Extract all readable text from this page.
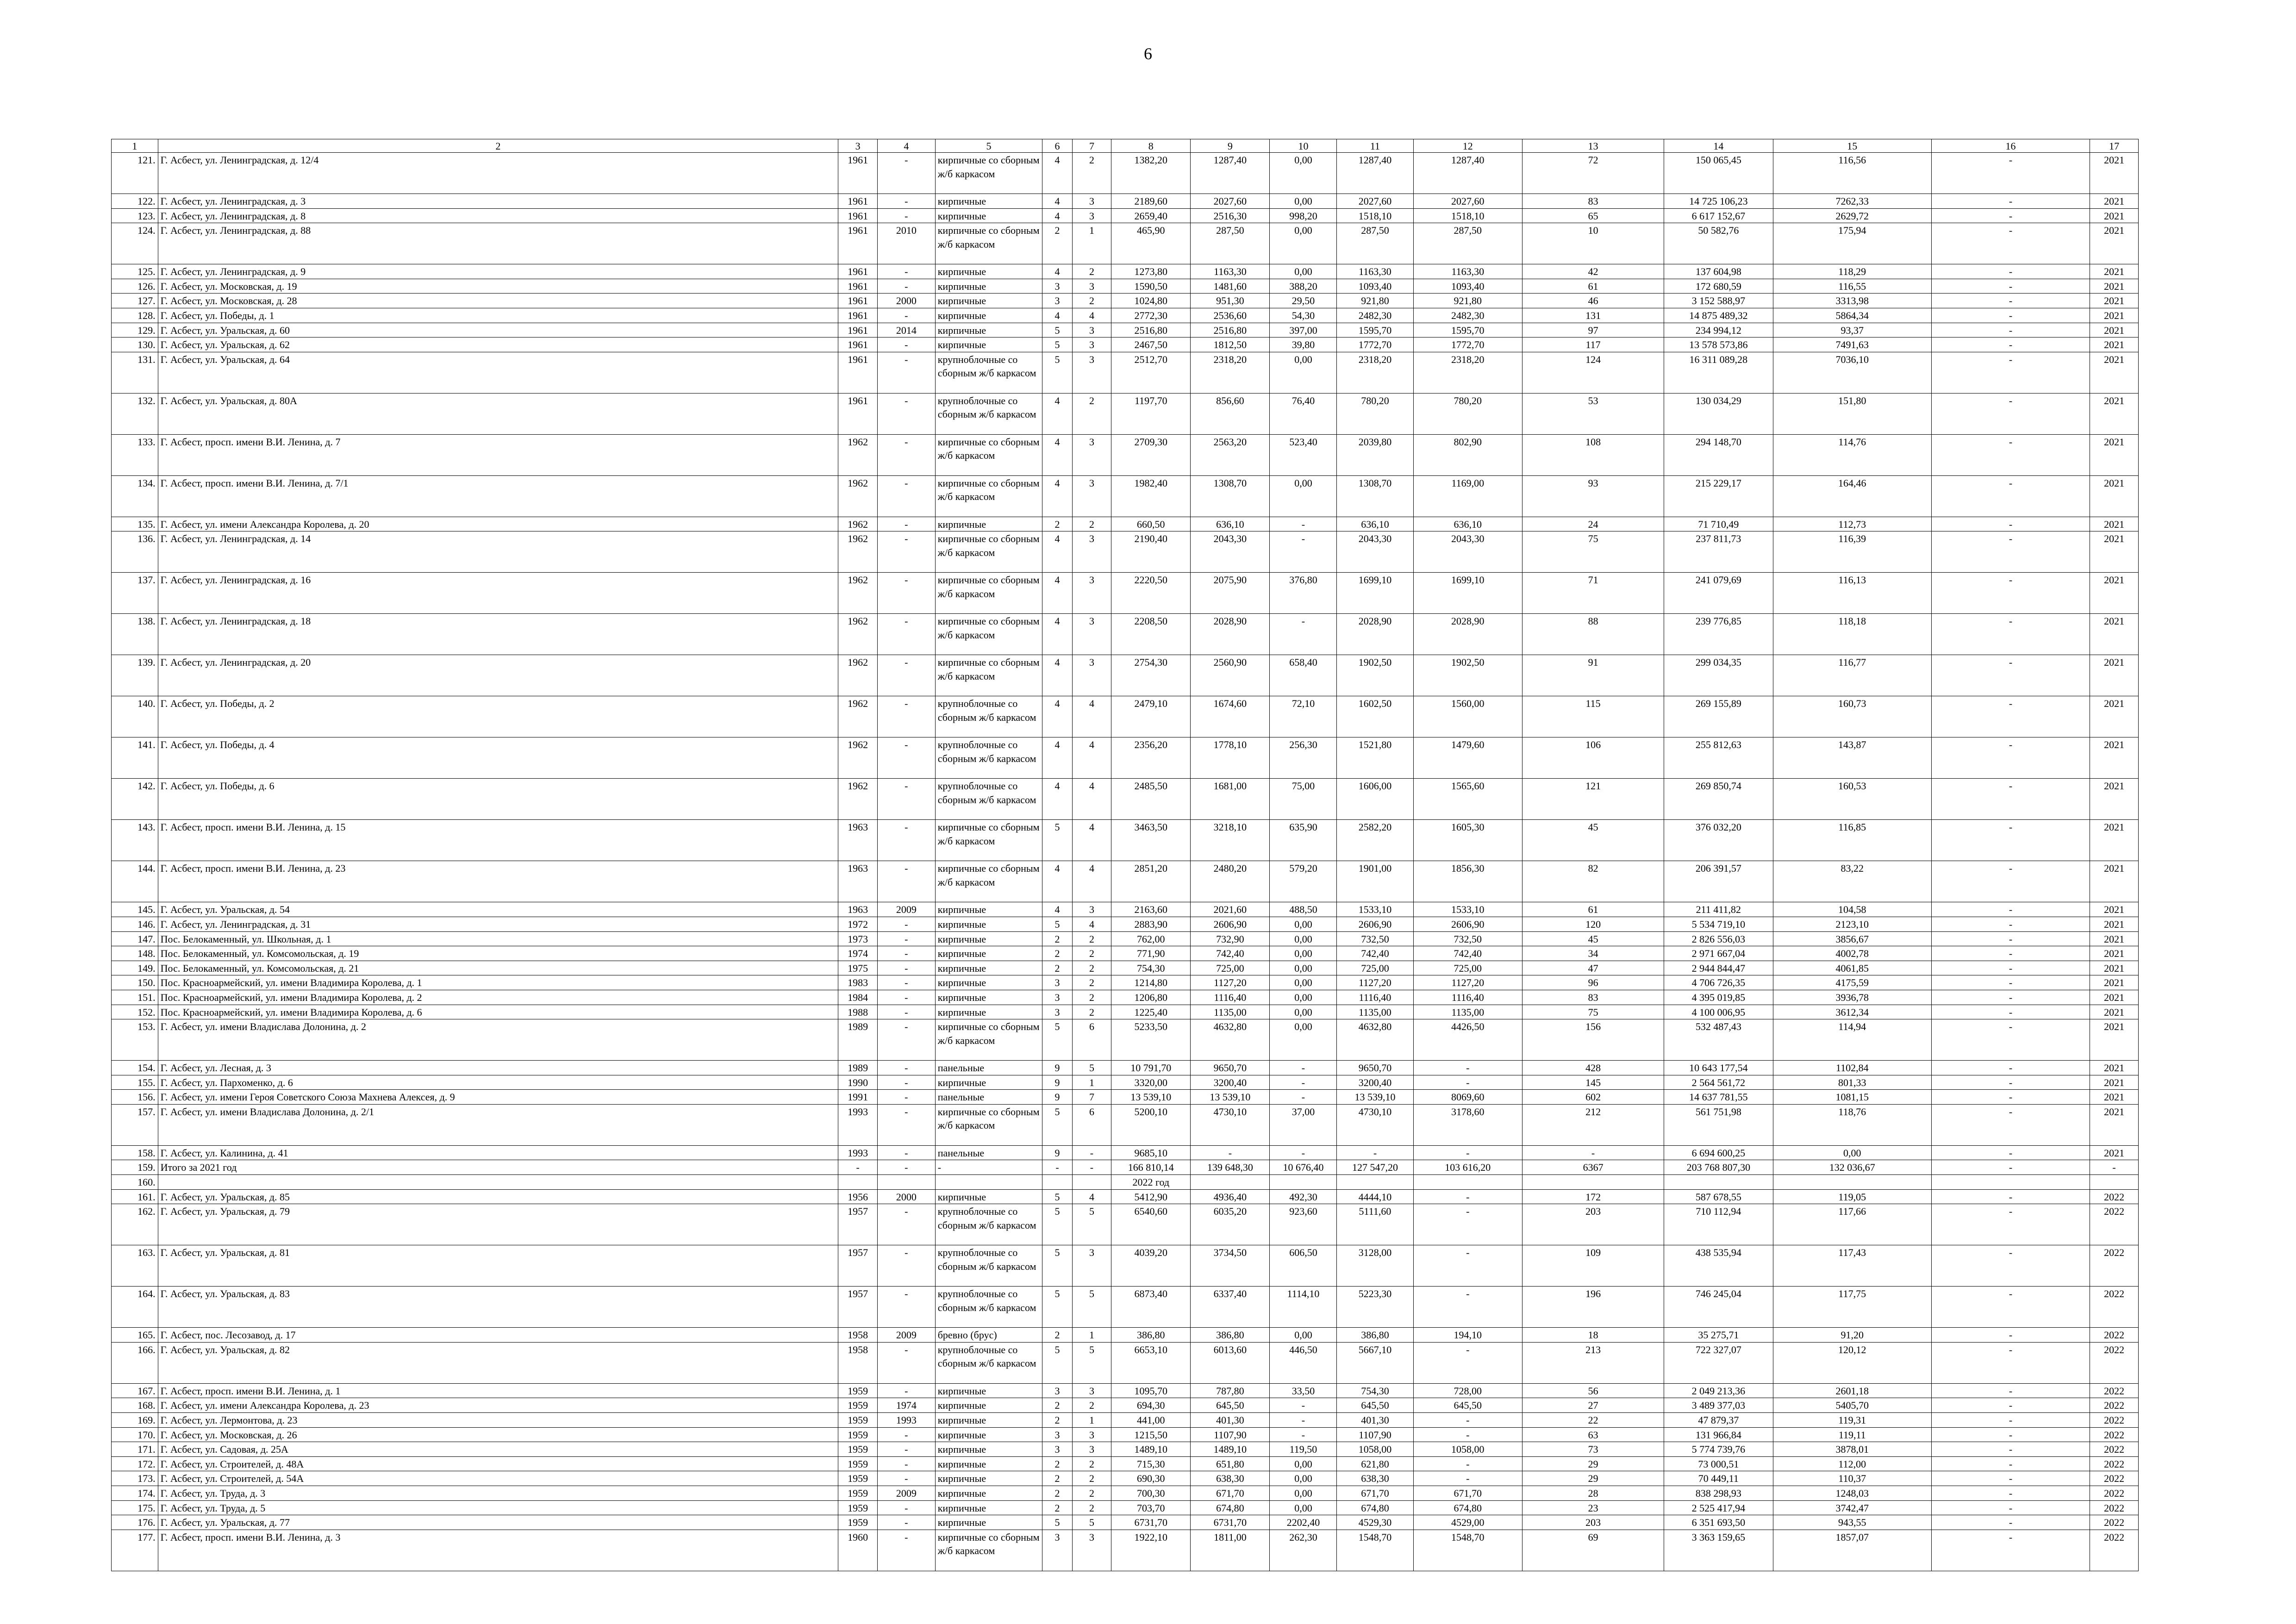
6
1	2	3	4	5	6	7	8	9	10	11	12	13	14	15	16	17
121.	Г. Асбест, ул. Ленинградская, д. 12/4	1961	-	кирпичные со сборным ж/б каркасом	4	2	1382,20	1287,40	0,00	1287,40	1287,40	72	150 065,45	116,56	-	2021
122.	Г. Асбест, ул. Ленинградская, д. 3	1961	-	кирпичные	4	3	2189,60	2027,60	0,00	2027,60	2027,60	83	14 725 106,23	7262,33	-	2021
123.	Г. Асбест, ул. Ленинградская, д. 8	1961	-	кирпичные	4	3	2659,40	2516,30	998,20	1518,10	1518,10	65	6 617 152,67	2629,72	-	2021
124.	Г. Асбест, ул. Ленинградская, д. 88	1961	2010	кирпичные со сборным ж/б каркасом	2	1	465,90	287,50	0,00	287,50	287,50	10	50 582,76	175,94	-	2021
125.	Г. Асбест, ул. Ленинградская, д. 9	1961	-	кирпичные	4	2	1273,80	1163,30	0,00	1163,30	1163,30	42	137 604,98	118,29	-	2021
126.	Г. Асбест, ул. Московская, д. 19	1961	-	кирпичные	3	3	1590,50	1481,60	388,20	1093,40	1093,40	61	172 680,59	116,55	-	2021
127.	Г. Асбест, ул. Московская, д. 28	1961	2000	кирпичные	3	2	1024,80	951,30	29,50	921,80	921,80	46	3 152 588,97	3313,98	-	2021
128.	Г. Асбест, ул. Победы, д. 1	1961	-	кирпичные	4	4	2772,30	2536,60	54,30	2482,30	2482,30	131	14 875 489,32	5864,34	-	2021
129.	Г. Асбест, ул. Уральская, д. 60	1961	2014	кирпичные	5	3	2516,80	2516,80	397,00	1595,70	1595,70	97	234 994,12	93,37	-	2021
130.	Г. Асбест, ул. Уральская, д. 62	1961	-	кирпичные	5	3	2467,50	1812,50	39,80	1772,70	1772,70	117	13 578 573,86	7491,63	-	2021
131.	Г. Асбест, ул. Уральская, д. 64	1961	-	крупноблочные со сборным ж/б каркасом	5	3	2512,70	2318,20	0,00	2318,20	2318,20	124	16 311 089,28	7036,10	-	2021
132.	Г. Асбест, ул. Уральская, д. 80А	1961	-	крупноблочные со сборным ж/б каркасом	4	2	1197,70	856,60	76,40	780,20	780,20	53	130 034,29	151,80	-	2021
133.	Г. Асбест, просп. имени В.И. Ленина, д. 7	1962	-	кирпичные со сборным ж/б каркасом	4	3	2709,30	2563,20	523,40	2039,80	802,90	108	294 148,70	114,76	-	2021
134.	Г. Асбест, просп. имени В.И. Ленина, д. 7/1	1962	-	кирпичные со сборным ж/б каркасом	4	3	1982,40	1308,70	0,00	1308,70	1169,00	93	215 229,17	164,46	-	2021
135.	Г. Асбест, ул. имени Александра Королева, д. 20	1962	-	кирпичные	2	2	660,50	636,10	-	636,10	636,10	24	71 710,49	112,73	-	2021
136.	Г. Асбест, ул. Ленинградская, д. 14	1962	-	кирпичные со сборным ж/б каркасом	4	3	2190,40	2043,30	-	2043,30	2043,30	75	237 811,73	116,39	-	2021
137.	Г. Асбест, ул. Ленинградская, д. 16	1962	-	кирпичные со сборным ж/б каркасом	4	3	2220,50	2075,90	376,80	1699,10	1699,10	71	241 079,69	116,13	-	2021
138.	Г. Асбест, ул. Ленинградская, д. 18	1962	-	кирпичные со сборным ж/б каркасом	4	3	2208,50	2028,90	-	2028,90	2028,90	88	239 776,85	118,18	-	2021
139.	Г. Асбест, ул. Ленинградская, д. 20	1962	-	кирпичные со сборным ж/б каркасом	4	3	2754,30	2560,90	658,40	1902,50	1902,50	91	299 034,35	116,77	-	2021
140.	Г. Асбест, ул. Победы, д. 2	1962	-	крупноблочные со сборным ж/б каркасом	4	4	2479,10	1674,60	72,10	1602,50	1560,00	115	269 155,89	160,73	-	2021
141.	Г. Асбест, ул. Победы, д. 4	1962	-	крупноблочные со сборным ж/б каркасом	4	4	2356,20	1778,10	256,30	1521,80	1479,60	106	255 812,63	143,87	-	2021
142.	Г. Асбест, ул. Победы, д. 6	1962	-	крупноблочные со сборным ж/б каркасом	4	4	2485,50	1681,00	75,00	1606,00	1565,60	121	269 850,74	160,53	-	2021
143.	Г. Асбест, просп. имени В.И. Ленина, д. 15	1963	-	кирпичные со сборным ж/б каркасом	5	4	3463,50	3218,10	635,90	2582,20	1605,30	45	376 032,20	116,85	-	2021
144.	Г. Асбест, просп. имени В.И. Ленина, д. 23	1963	-	кирпичные со сборным ж/б каркасом	4	4	2851,20	2480,20	579,20	1901,00	1856,30	82	206 391,57	83,22	-	2021
145.	Г. Асбест, ул. Уральская, д. 54	1963	2009	кирпичные	4	3	2163,60	2021,60	488,50	1533,10	1533,10	61	211 411,82	104,58	-	2021
146.	Г. Асбест, ул. Ленинградская, д. 31	1972	-	кирпичные	5	4	2883,90	2606,90	0,00	2606,90	2606,90	120	5 534 719,10	2123,10	-	2021
147.	Пос. Белокаменный, ул. Школьная, д. 1	1973	-	кирпичные	2	2	762,00	732,90	0,00	732,50	732,50	45	2 826 556,03	3856,67	-	2021
148.	Пос. Белокаменный, ул. Комсомольская, д. 19	1974	-	кирпичные	2	2	771,90	742,40	0,00	742,40	742,40	34	2 971 667,04	4002,78	-	2021
149.	Пос. Белокаменный, ул. Комсомольская, д. 21	1975	-	кирпичные	2	2	754,30	725,00	0,00	725,00	725,00	47	2 944 844,47	4061,85	-	2021
150.	Пос. Красноармейский, ул. имени Владимира Королева, д. 1	1983	-	кирпичные	3	2	1214,80	1127,20	0,00	1127,20	1127,20	96	4 706 726,35	4175,59	-	2021
151.	Пос. Красноармейский, ул. имени Владимира Королева, д. 2	1984	-	кирпичные	3	2	1206,80	1116,40	0,00	1116,40	1116,40	83	4 395 019,85	3936,78	-	2021
152.	Пос. Красноармейский, ул. имени Владимира Королева, д. 6	1988	-	кирпичные	3	2	1225,40	1135,00	0,00	1135,00	1135,00	75	4 100 006,95	3612,34	-	2021
153.	Г. Асбест, ул. имени Владислава Долонина, д. 2	1989	-	кирпичные со сборным ж/б каркасом	5	6	5233,50	4632,80	0,00	4632,80	4426,50	156	532 487,43	114,94	-	2021
154.	Г. Асбест, ул. Лесная, д. 3	1989	-	панельные	9	5	10 791,70	9650,70	-	9650,70	-	428	10 643 177,54	1102,84	-	2021
155.	Г. Асбест, ул. Пархоменко, д. 6	1990	-	кирпичные	9	1	3320,00	3200,40	-	3200,40	-	145	2 564 561,72	801,33	-	2021
156.	Г. Асбест, ул. имени Героя Советского Союза Махнева Алексея, д. 9	1991	-	панельные	9	7	13 539,10	13 539,10	-	13 539,10	8069,60	602	14 637 781,55	1081,15	-	2021
157.	Г. Асбест, ул. имени Владислава Долонина, д. 2/1	1993	-	кирпичные со сборным ж/б каркасом	5	6	5200,10	4730,10	37,00	4730,10	3178,60	212	561 751,98	118,76	-	2021
158.	Г. Асбест, ул. Калинина, д. 41	1993	-	панельные	9	-	9685,10	-	-	-	-	-	6 694 600,25	0,00	-	2021
159.	Итого за 2021 год	-	-	-	-	-	166 810,14	139 648,30	10 676,40	127 547,20	103 616,20	6367	203 768 807,30	132 036,67	-	-
160.							2022 год									
161.	Г. Асбест, ул. Уральская, д. 85	1956	2000	кирпичные	5	4	5412,90	4936,40	492,30	4444,10	-	172	587 678,55	119,05	-	2022
162.	Г. Асбест, ул. Уральская, д. 79	1957	-	крупноблочные со сборным ж/б каркасом	5	5	6540,60	6035,20	923,60	5111,60	-	203	710 112,94	117,66	-	2022
163.	Г. Асбест, ул. Уральская, д. 81	1957	-	крупноблочные со сборным ж/б каркасом	5	3	4039,20	3734,50	606,50	3128,00	-	109	438 535,94	117,43	-	2022
164.	Г. Асбест, ул. Уральская, д. 83	1957	-	крупноблочные со сборным ж/б каркасом	5	5	6873,40	6337,40	1114,10	5223,30	-	196	746 245,04	117,75	-	2022
165.	Г. Асбест, пос. Лесозавод, д. 17	1958	2009	бревно (брус)	2	1	386,80	386,80	0,00	386,80	194,10	18	35 275,71	91,20	-	2022
166.	Г. Асбест, ул. Уральская, д. 82	1958	-	крупноблочные со сборным ж/б каркасом	5	5	6653,10	6013,60	446,50	5667,10	-	213	722 327,07	120,12	-	2022
167.	Г. Асбест, просп. имени В.И. Ленина, д. 1	1959	-	кирпичные	3	3	1095,70	787,80	33,50	754,30	728,00	56	2 049 213,36	2601,18	-	2022
168.	Г. Асбест, ул. имени Александра Королева, д. 23	1959	1974	кирпичные	2	2	694,30	645,50	-	645,50	645,50	27	3 489 377,03	5405,70	-	2022
169.	Г. Асбест, ул. Лермонтова, д. 23	1959	1993	кирпичные	2	1	441,00	401,30	-	401,30	-	22	47 879,37	119,31	-	2022
170.	Г. Асбест, ул. Московская, д. 26	1959	-	кирпичные	3	3	1215,50	1107,90	-	1107,90	-	63	131 966,84	119,11	-	2022
171.	Г. Асбест, ул. Садовая, д. 25А	1959	-	кирпичные	3	3	1489,10	1489,10	119,50	1058,00	1058,00	73	5 774 739,76	3878,01	-	2022
172.	Г. Асбест, ул. Строителей, д. 48А	1959	-	кирпичные	2	2	715,30	651,80	0,00	621,80	-	29	73 000,51	112,00	-	2022
173.	Г. Асбест, ул. Строителей, д. 54А	1959	-	кирпичные	2	2	690,30	638,30	0,00	638,30	-	29	70 449,11	110,37	-	2022
174.	Г. Асбест, ул. Труда, д. 3	1959	2009	кирпичные	2	2	700,30	671,70	0,00	671,70	671,70	28	838 298,93	1248,03	-	2022
175.	Г. Асбест, ул. Труда, д. 5	1959	-	кирпичные	2	2	703,70	674,80	0,00	674,80	674,80	23	2 525 417,94	3742,47	-	2022
176.	Г. Асбест, ул. Уральская, д. 77	1959	-	кирпичные	5	5	6731,70	6731,70	2202,40	4529,30	4529,00	203	6 351 693,50	943,55	-	2022
177.	Г. Асбест, просп. имени В.И. Ленина, д. 3	1960	-	кирпичные со сборным ж/б каркасом	3	3	1922,10	1811,00	262,30	1548,70	1548,70	69	3 363 159,65	1857,07	-	2022
